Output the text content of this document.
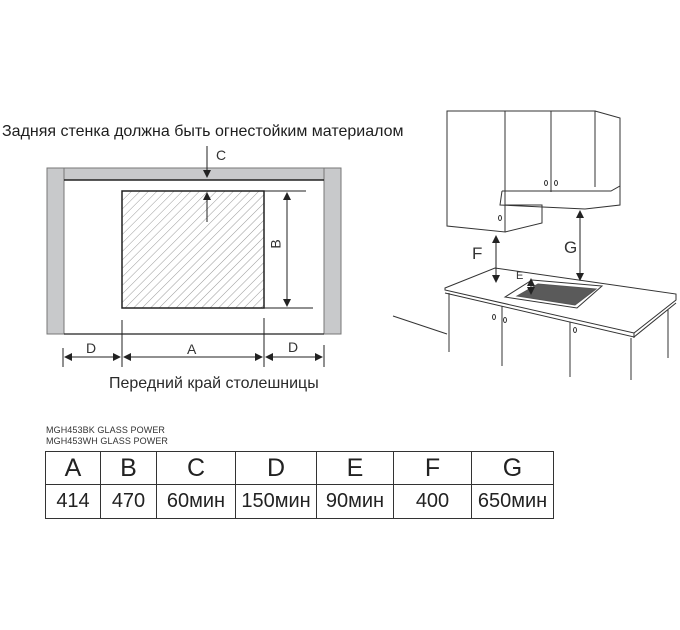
Задняя стенка должна быть огнестойким материалом
C
B
D	A	D
Передний край столешницы
F	G
E
MGH453BK GLASS POWER
MGH453WH GLASS POWER
A	B	C	D	E	F	G
414	470	60мин	150мин	90мин	400	650мин
